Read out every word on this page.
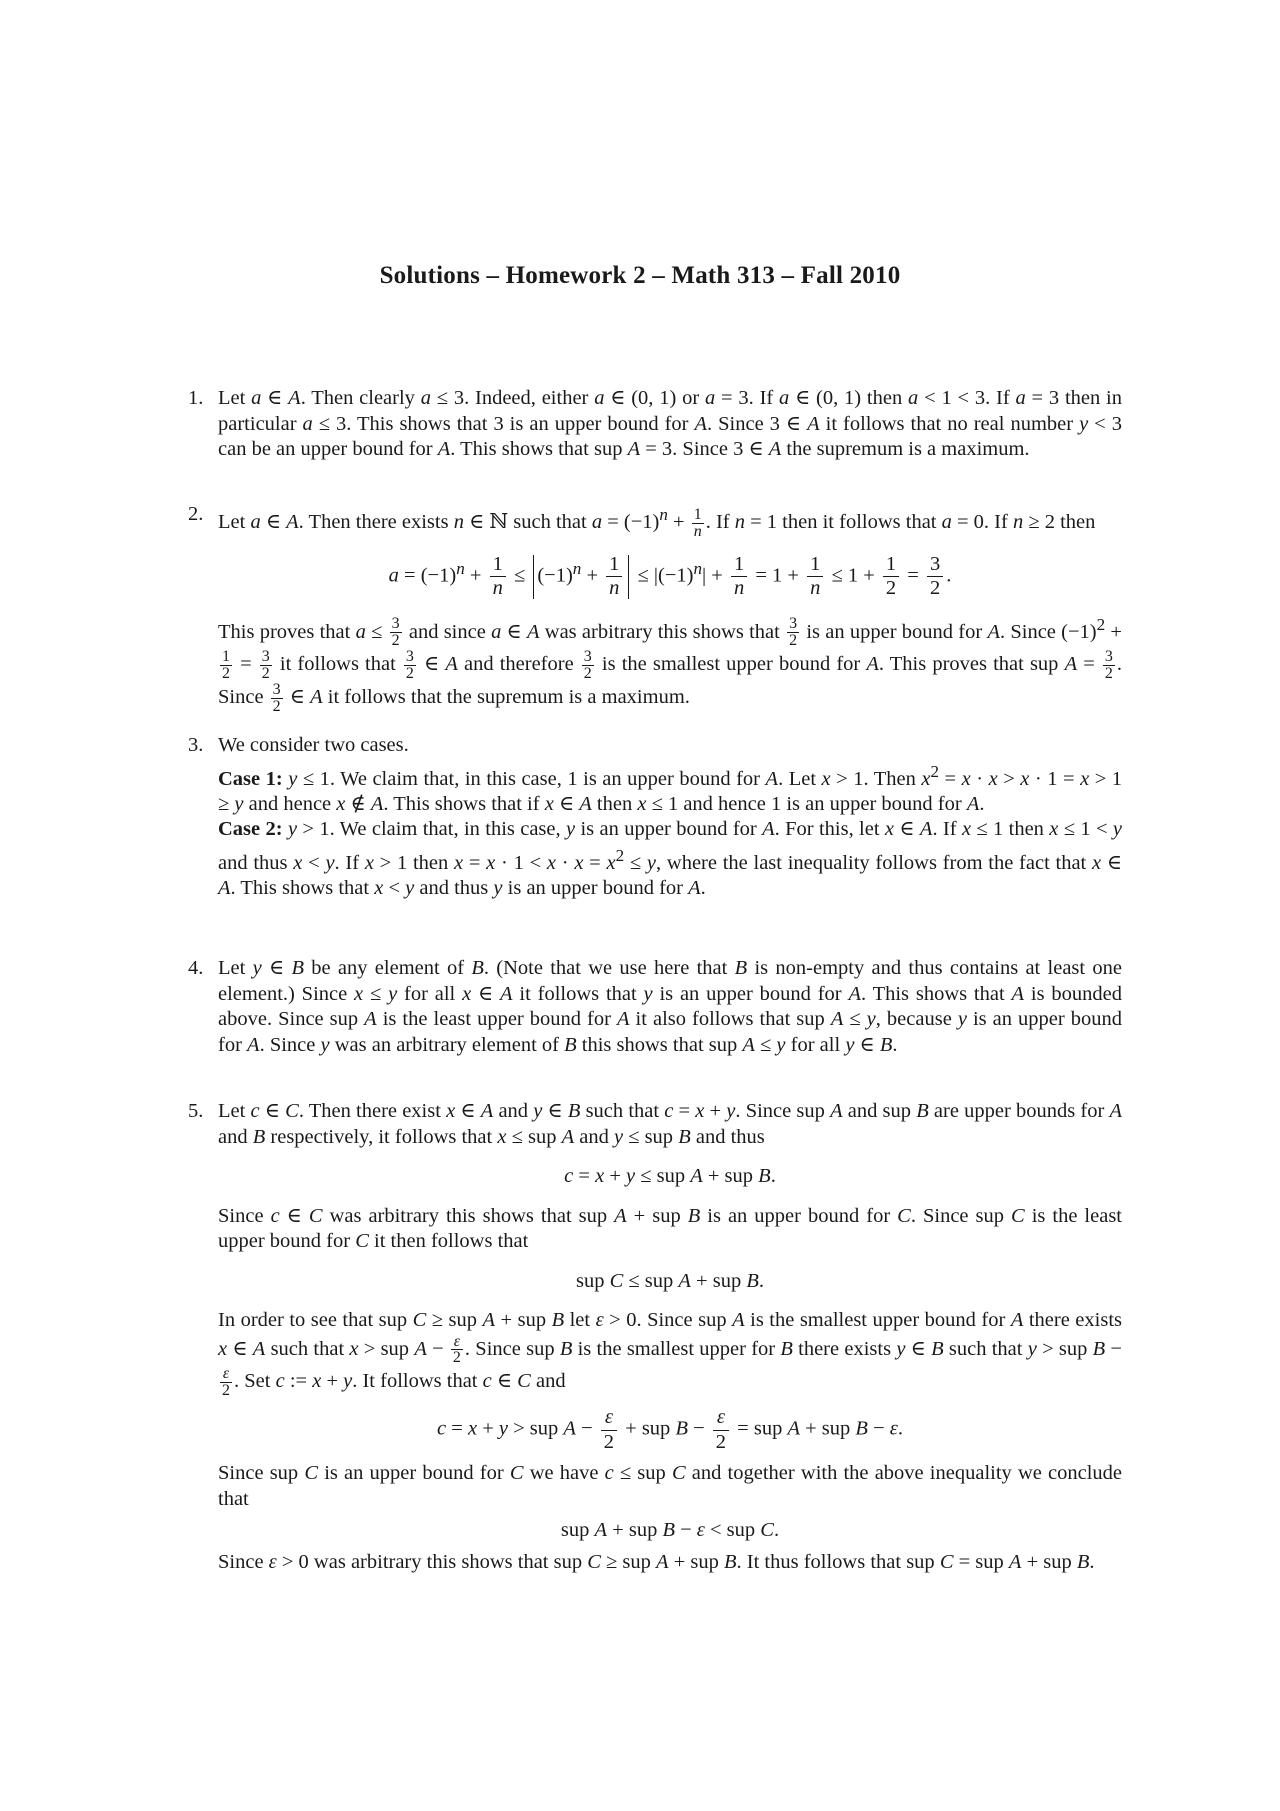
Solutions – Homework 2 – Math 313 – Fall 2010
1. Let a ∈ A. Then clearly a ≤ 3. Indeed, either a ∈ (0, 1) or a = 3. If a ∈ (0, 1) then a < 1 < 3. If a = 3 then in particular a ≤ 3. This shows that 3 is an upper bound for A. Since 3 ∈ A it follows that no real number y < 3 can be an upper bound for A. This shows that sup A = 3. Since 3 ∈ A the supremum is a maximum.

2. Let a ∈ A. Then there exists n ∈ ℕ such that $a = (-1)^n + \frac{1}{n}$ . If n = 1 then it follows that a = 0. If n ≥ 2 then

$a = (-1)^n + \frac{1}{n} \le (-1)^n + \frac{1}{n} \le |(-1)^n| + \frac{1}{n} = 1 + \frac{1}{n} \le 1 + \frac{1}{2} = \frac{3}{2}$ .

This proves that $a \le \frac{3}{2}$ and since a ∈ A was arbitrary this shows that $\frac{3}{2}$ is an upper bound for A. Since $(-1)^2$ +
$\frac{1}{2} = \frac{3}{2}$ it follows that $\frac{3}{2}$ ∈ A and therefore $\frac{3}{2}$ is the smallest upper bound for A. This proves that sup $A = \frac{3}{2}$ . Since $\frac{3}{2}$ ∈ A it follows that the supremum is a maximum.

3. We consider two cases.
Case 1: y ≤ 1. We claim that, in this case, 1 is an upper bound for A. Let x > 1. Then $x^2 = x \cdot x > x \cdot 1 = x > 1 \ge y$ and hence x ∉ A. This shows that if x ∈ A then x ≤ 1 and hence 1 is an upper bound for A.
Case 2: y > 1. We claim that, in this case, y is an upper bound for A. For this, let x ∈ A. If x ≤ 1 then x ≤ 1 < y and thus x < y. If x > 1 then $x = x \cdot 1 < x \cdot x = x^2 \le y$, where the last inequality follows from the fact that x ∈ A. This shows that x < y and thus y is an upper bound for A.

4. Let y ∈ B be any element of B. (Note that we use here that B is non-empty and thus contains at least one element.) Since x ≤ y for all x ∈ A it follows that y is an upper bound for A. This shows that A is bounded above. Since sup A is the least upper bound for A it also follows that sup A ≤ y, because y is an upper bound for A. Since y was an arbitrary element of B this shows that sup A ≤ y for all y ∈ B.

5. Let c ∈ C. Then there exist x ∈ A and y ∈ B such that c = x + y. Since sup A and sup B are upper bounds for A and B respectively, it follows that x ≤ sup A and y ≤ sup B and thus

c = x + y ≤ sup A + sup B.

Since c ∈ C was arbitrary this shows that sup A + sup B is an upper bound for C. Since sup C is the least upper bound for C it then follows that

sup C ≤ sup A + sup B.

In order to see that sup C ≥ sup A + sup B let ε > 0. Since sup A is the smallest upper bound for A there exists x ∈ A such that x > sup $A - \frac{\varepsilon}{2}$ . Since sup B is the smallest upper for B there exists y ∈ B such that y > sup B −
$\frac{\varepsilon}{2}$ . Set c := x + y. It follows that c ∈ C and

c = x + y > sup $A - \frac{\varepsilon}{2}$ + sup $B - \frac{\varepsilon}{2}$ = sup A + sup B − ε.

Since sup C is an upper bound for C we have c ≤ sup C and together with the above inequality we conclude that

sup A + sup B − ε < sup C.

Since ε > 0 was arbitrary this shows that sup C ≥ sup A + sup B. It thus follows that sup C = sup A + sup B.
